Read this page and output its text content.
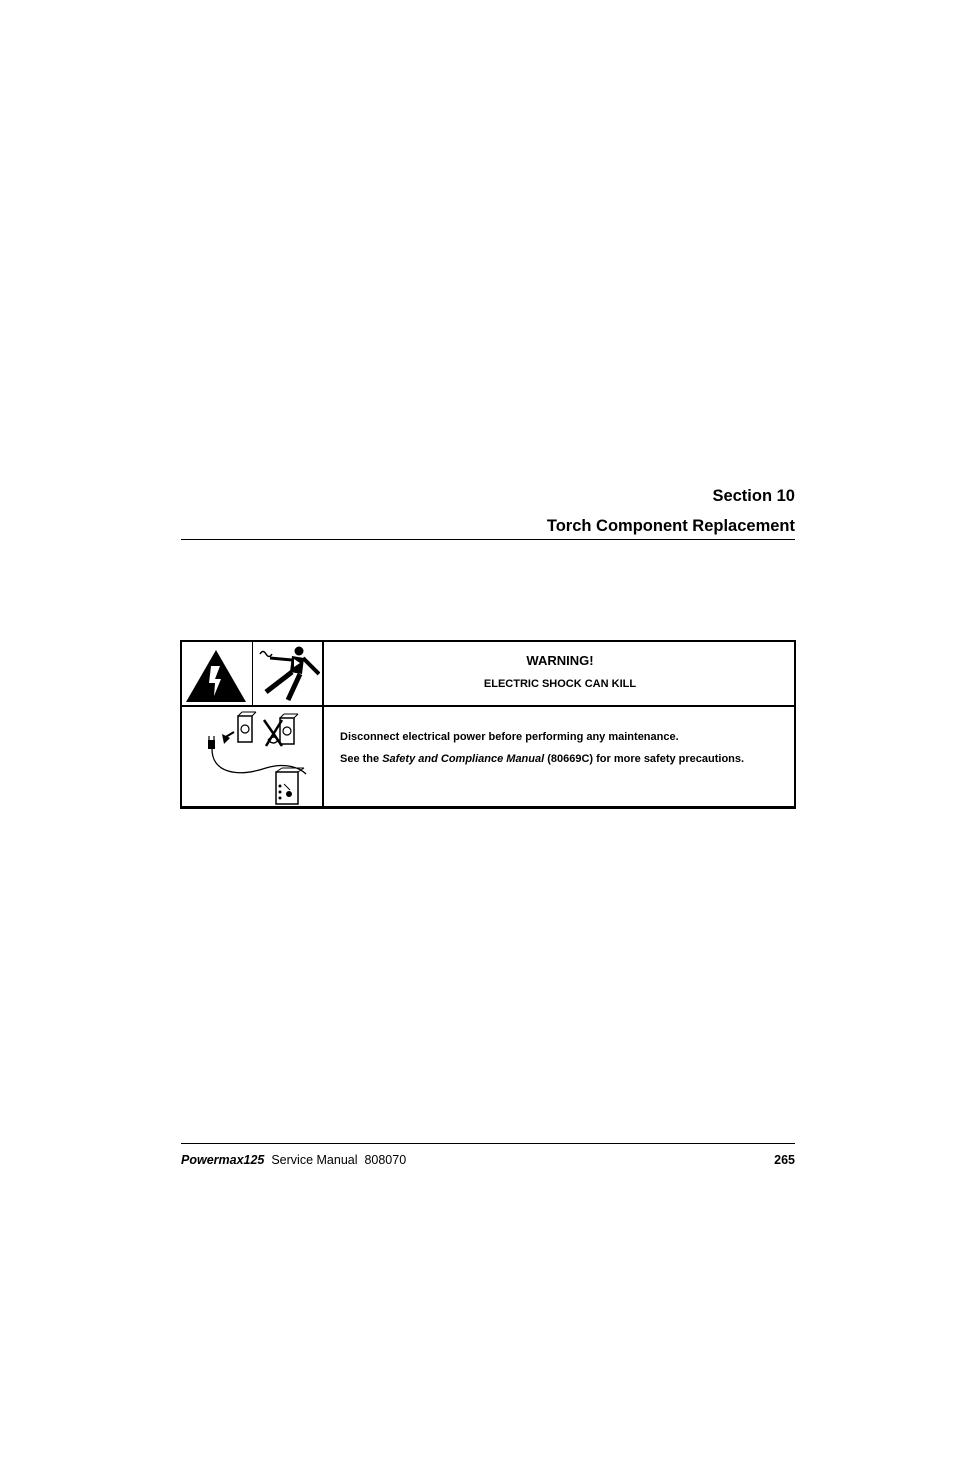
Section 10
Torch Component Replacement
WARNING!
ELECTRIC SHOCK CAN KILL

Disconnect electrical power before performing any maintenance.

See the Safety and Compliance Manual (80669C) for more safety precautions.

Powermax125 Service Manual  808070	265
